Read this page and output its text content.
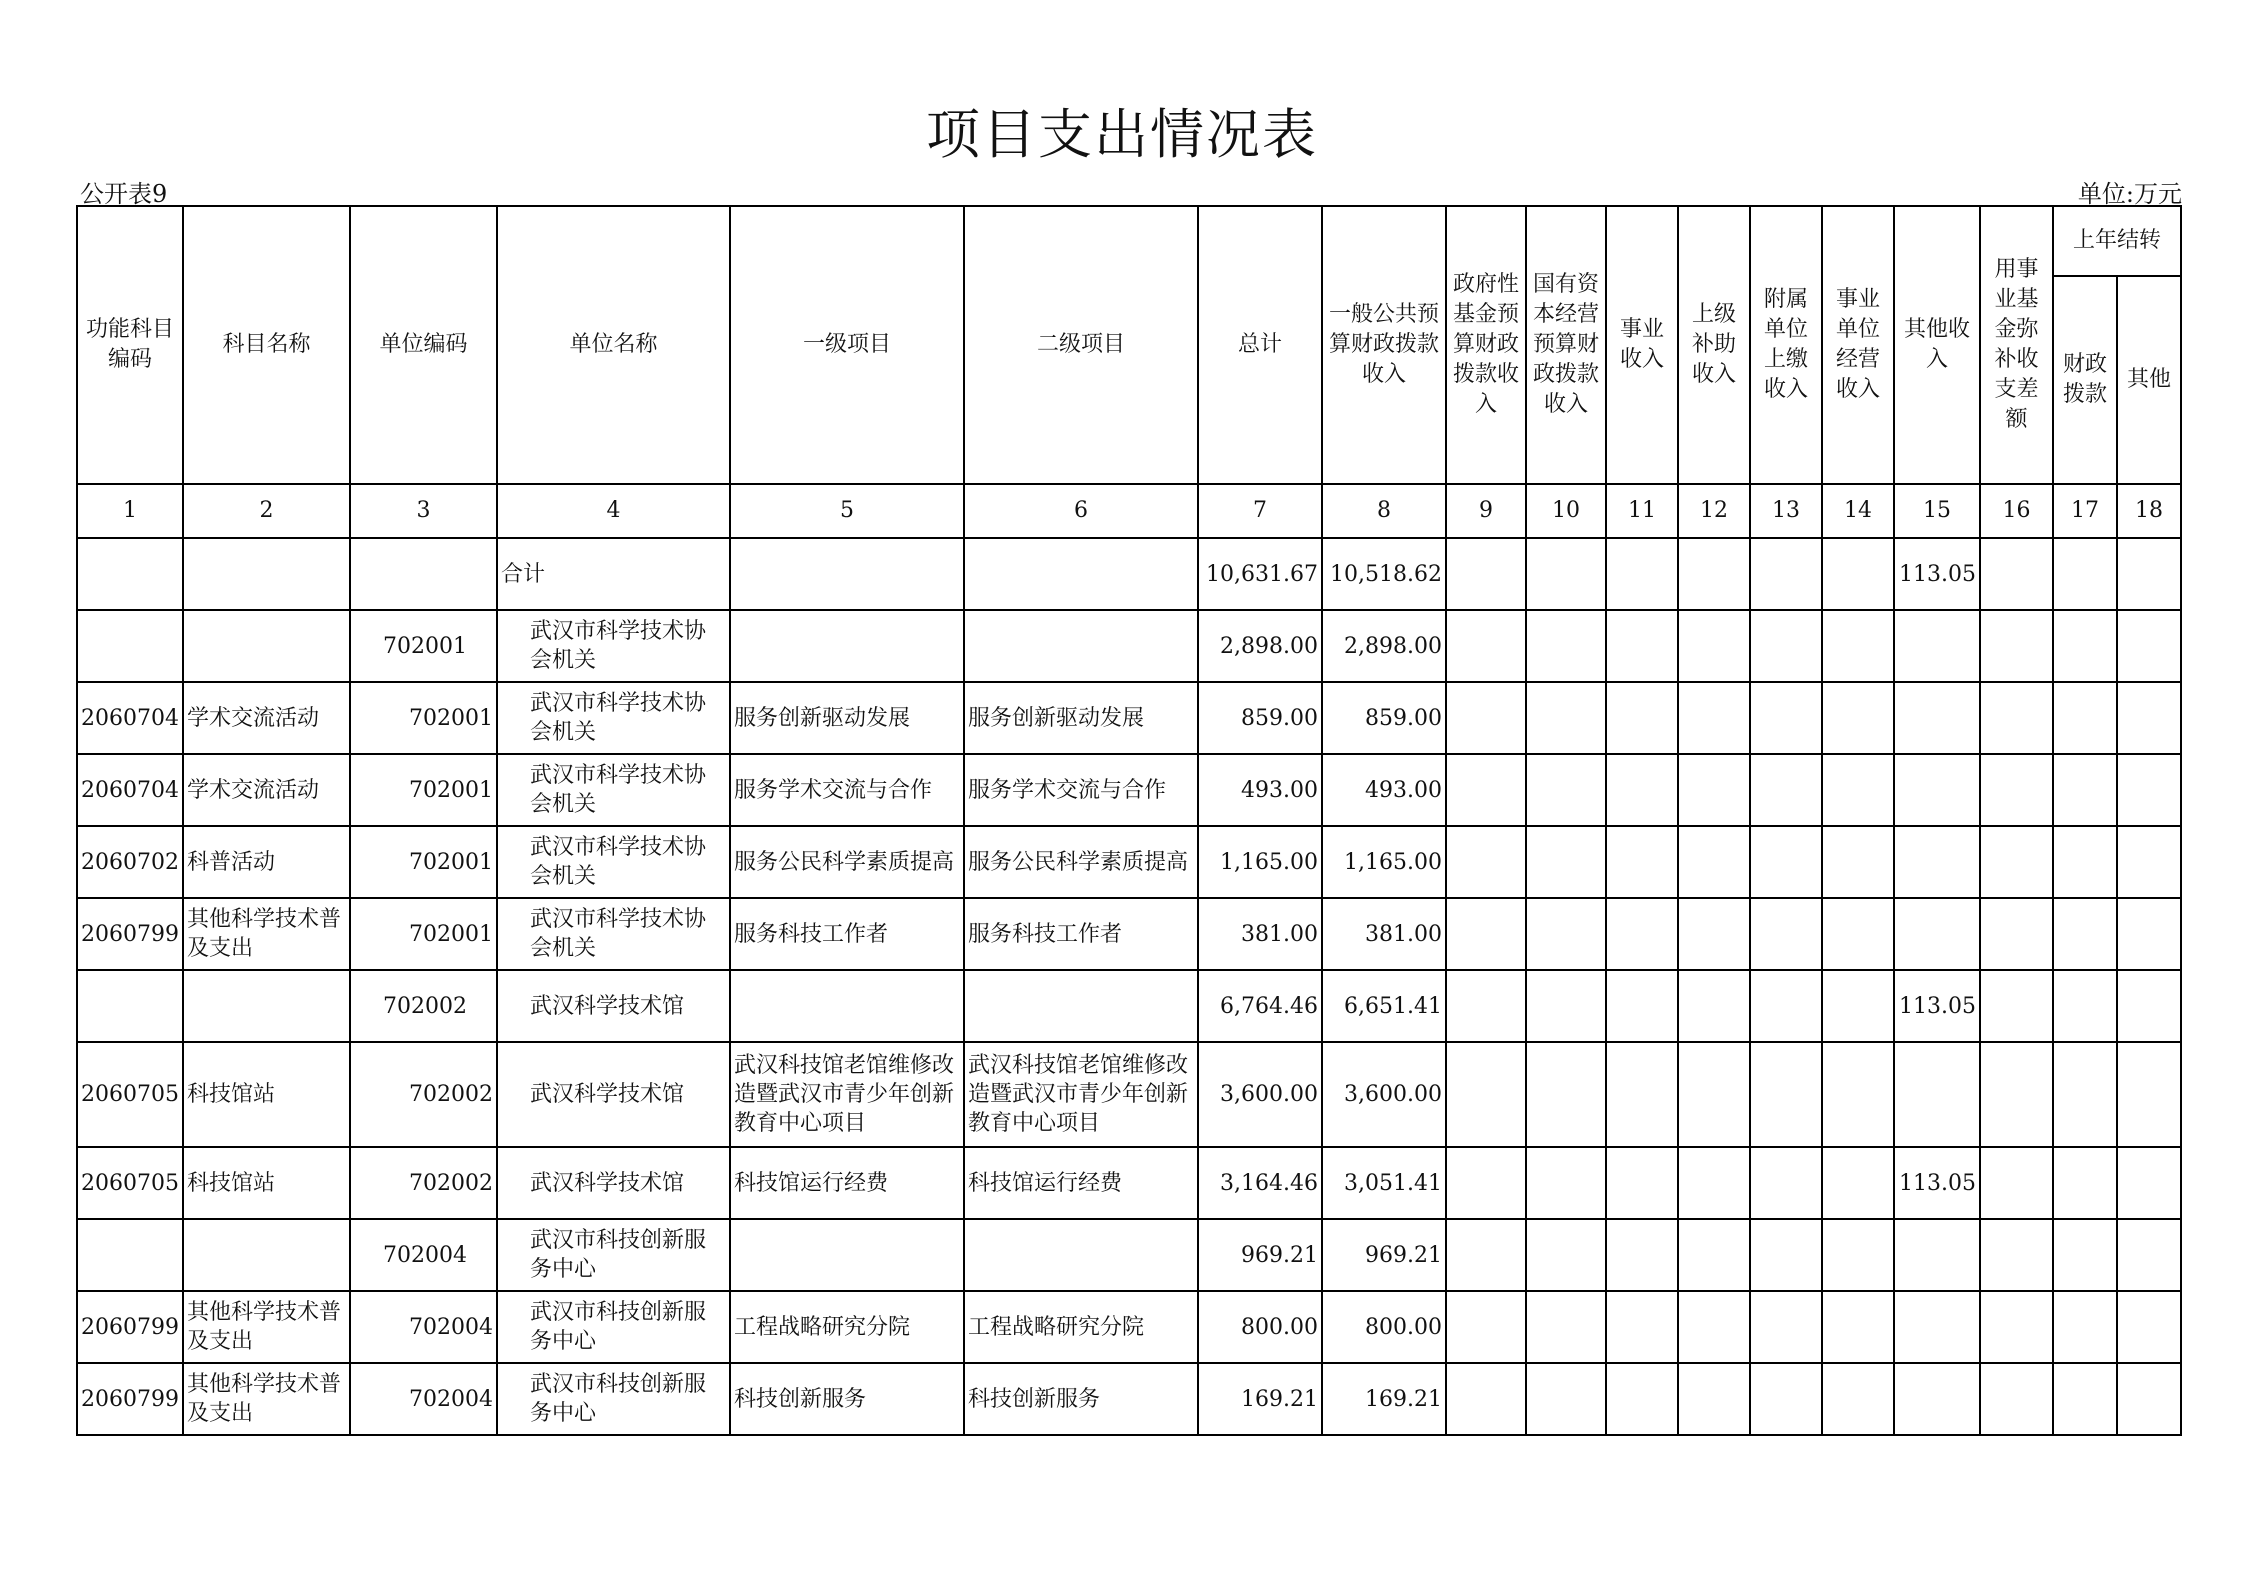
项目支出情况表
公开表9	单位:万元
功能科目编码	科目名称	单位编码	单位名称	一级项目	二级项目	总计	一般公共预算财政拨款收入	政府性基金预算财政拨款收入	国有资本经营预算财政拨款收入	事业收入	上级补助收入	附属单位上缴收入	事业单位经营收入	其他收入	用事业基金弥补收支差额	上年结转	
																财政拨款	其他
1	2	3	4	5	6	7	8	9	10	11	12	13	14	15	16	17	18
			合计			10,631.67	10,518.62							113.05			
		702001	武汉市科学技术协会机关			2,898.00	2,898.00										
2060704	学术交流活动	702001	武汉市科学技术协会机关	服务创新驱动发展	服务创新驱动发展	859.00	859.00										
2060704	学术交流活动	702001	武汉市科学技术协会机关	服务学术交流与合作	服务学术交流与合作	493.00	493.00										
2060702	科普活动	702001	武汉市科学技术协会机关	服务公民科学素质提高	服务公民科学素质提高	1,165.00	1,165.00										
2060799	其他科学技术普及支出	702001	武汉市科学技术协会机关	服务科技工作者	服务科技工作者	381.00	381.00										
		702002	武汉科学技术馆			6,764.46	6,651.41							113.05			
2060705	科技馆站	702002	武汉科学技术馆	武汉科技馆老馆维修改造暨武汉市青少年创新教育中心项目	武汉科技馆老馆维修改造暨武汉市青少年创新教育中心项目	3,600.00	3,600.00										
2060705	科技馆站	702002	武汉科学技术馆	科技馆运行经费	科技馆运行经费	3,164.46	3,051.41							113.05			
		702004	武汉市科技创新服务中心			969.21	969.21										
2060799	其他科学技术普及支出	702004	武汉市科技创新服务中心	工程战略研究分院	工程战略研究分院	800.00	800.00										
2060799	其他科学技术普及支出	702004	武汉市科技创新服务中心	科技创新服务	科技创新服务	169.21	169.21										
